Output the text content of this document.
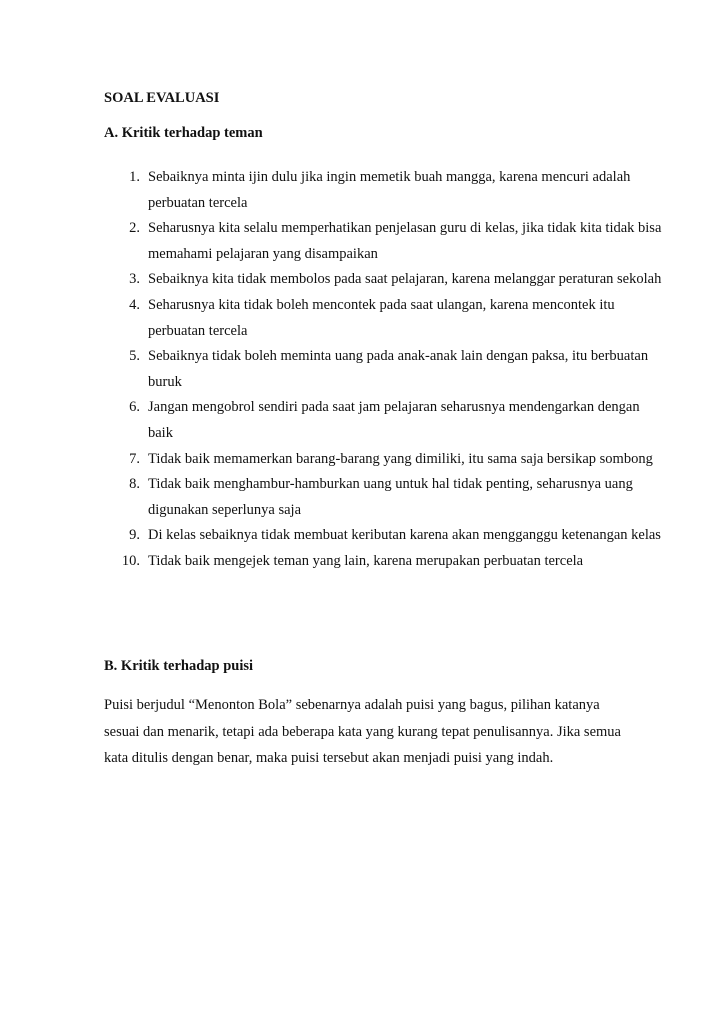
SOAL EVALUASI
A. Kritik terhadap teman
1. Sebaiknya minta ijin dulu jika ingin memetik buah mangga, karena mencuri adalah perbuatan tercela
2. Seharusnya kita selalu memperhatikan penjelasan guru di kelas, jika tidak kita tidak bisa memahami pelajaran yang disampaikan
3. Sebaiknya kita tidak membolos pada saat pelajaran, karena melanggar peraturan sekolah
4. Seharusnya kita tidak boleh mencontek pada saat ulangan, karena mencontek itu perbuatan tercela
5. Sebaiknya tidak boleh meminta uang pada anak-anak lain dengan paksa, itu berbuatan buruk
6. Jangan mengobrol sendiri pada saat jam pelajaran seharusnya mendengarkan dengan baik
7. Tidak baik memamerkan barang-barang yang dimiliki, itu sama saja bersikap sombong
8. Tidak baik menghambur-hamburkan uang untuk hal tidak penting, seharusnya uang digunakan seperlunya saja
9. Di kelas sebaiknya tidak membuat keributan karena akan mengganggu ketenangan kelas
10. Tidak baik mengejek teman yang lain, karena merupakan perbuatan tercela
B. Kritik terhadap puisi

Puisi berjudul “Menonton Bola” sebenarnya adalah puisi yang bagus, pilihan katanya sesuai dan menarik, tetapi ada beberapa kata yang kurang tepat penulisannya. Jika semua kata ditulis dengan benar, maka puisi tersebut akan menjadi puisi yang indah.
